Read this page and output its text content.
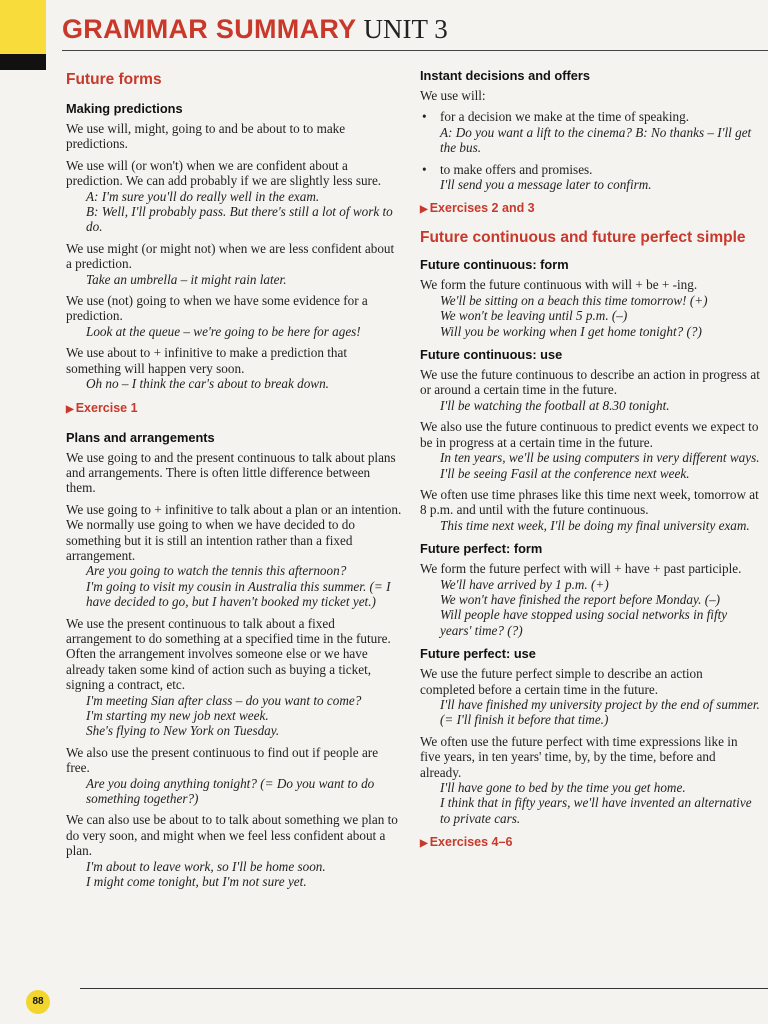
GRAMMAR SUMMARY UNIT 3
Future forms
Making predictions

We use will, might, going to and be about to to make predictions.

We use will (or won't) when we are confident about a prediction. We can add probably if we are slightly less sure.

A: I'm sure you'll do really well in the exam.

B: Well, I'll probably pass. But there's still a lot of work to do.

We use might (or might not) when we are less confident about a prediction.

Take an umbrella – it might rain later.

We use (not) going to when we have some evidence for a prediction.

Look at the queue – we're going to be here for ages!

We use about to + infinitive to make a prediction that something will happen very soon.

Oh no – I think the car's about to break down.

▶ Exercise 1

Plans and arrangements

We use going to and the present continuous to talk about plans and arrangements. There is often little difference between them.

We use going to + infinitive to talk about a plan or an intention. We normally use going to when we have decided to do something but it is still an intention rather than a fixed arrangement.

Are you going to watch the tennis this afternoon?

I'm going to visit my cousin in Australia this summer. (= I have decided to go, but I haven't booked my ticket yet.)

We use the present continuous to talk about a fixed arrangement to do something at a specified time in the future. Often the arrangement involves someone else or we have already taken some kind of action such as buying a ticket, signing a contract, etc.

I'm meeting Sian after class – do you want to come?

I'm starting my new job next week.

She's flying to New York on Tuesday.

We also use the present continuous to find out if people are free.

Are you doing anything tonight? (= Do you want to do something together?)

We can also use be about to to talk about something we plan to do very soon, and might when we feel less confident about a plan.

I'm about to leave work, so I'll be home soon.

I might come tonight, but I'm not sure yet.

Instant decisions and offers

We use will:

• for a decision we make at the time of speaking.
A: Do you want a lift to the cinema? B: No thanks – I'll get the bus.
• to make offers and promises.
I'll send you a message later to confirm.

▶ Exercises 2 and 3

Future continuous and future perfect simple
Future continuous: form

We form the future continuous with will + be + -ing.

We'll be sitting on a beach this time tomorrow! (+)

We won't be leaving until 5 p.m. (–)

Will you be working when I get home tonight? (?)

Future continuous: use

We use the future continuous to describe an action in progress at or around a certain time in the future.

I'll be watching the football at 8.30 tonight.

We also use the future continuous to predict events we expect to be in progress at a certain time in the future.

In ten years, we'll be using computers in very different ways.

I'll be seeing Fasil at the conference next week.

We often use time phrases like this time next week, tomorrow at 8 p.m. and until with the future continuous.

This time next week, I'll be doing my final university exam.

Future perfect: form

We form the future perfect with will + have + past participle.

We'll have arrived by 1 p.m. (+)

We won't have finished the report before Monday. (–)

Will people have stopped using social networks in fifty years' time? (?)

Future perfect: use

We use the future perfect simple to describe an action completed before a certain time in the future.

I'll have finished my university project by the end of summer. (= I'll finish it before that time.)

We often use the future perfect with time expressions like in five years, in ten years' time, by, by the time, before and already.

I'll have gone to bed by the time you get home.

I think that in fifty years, we'll have invented an alternative to private cars.

▶ Exercises 4–6

88
